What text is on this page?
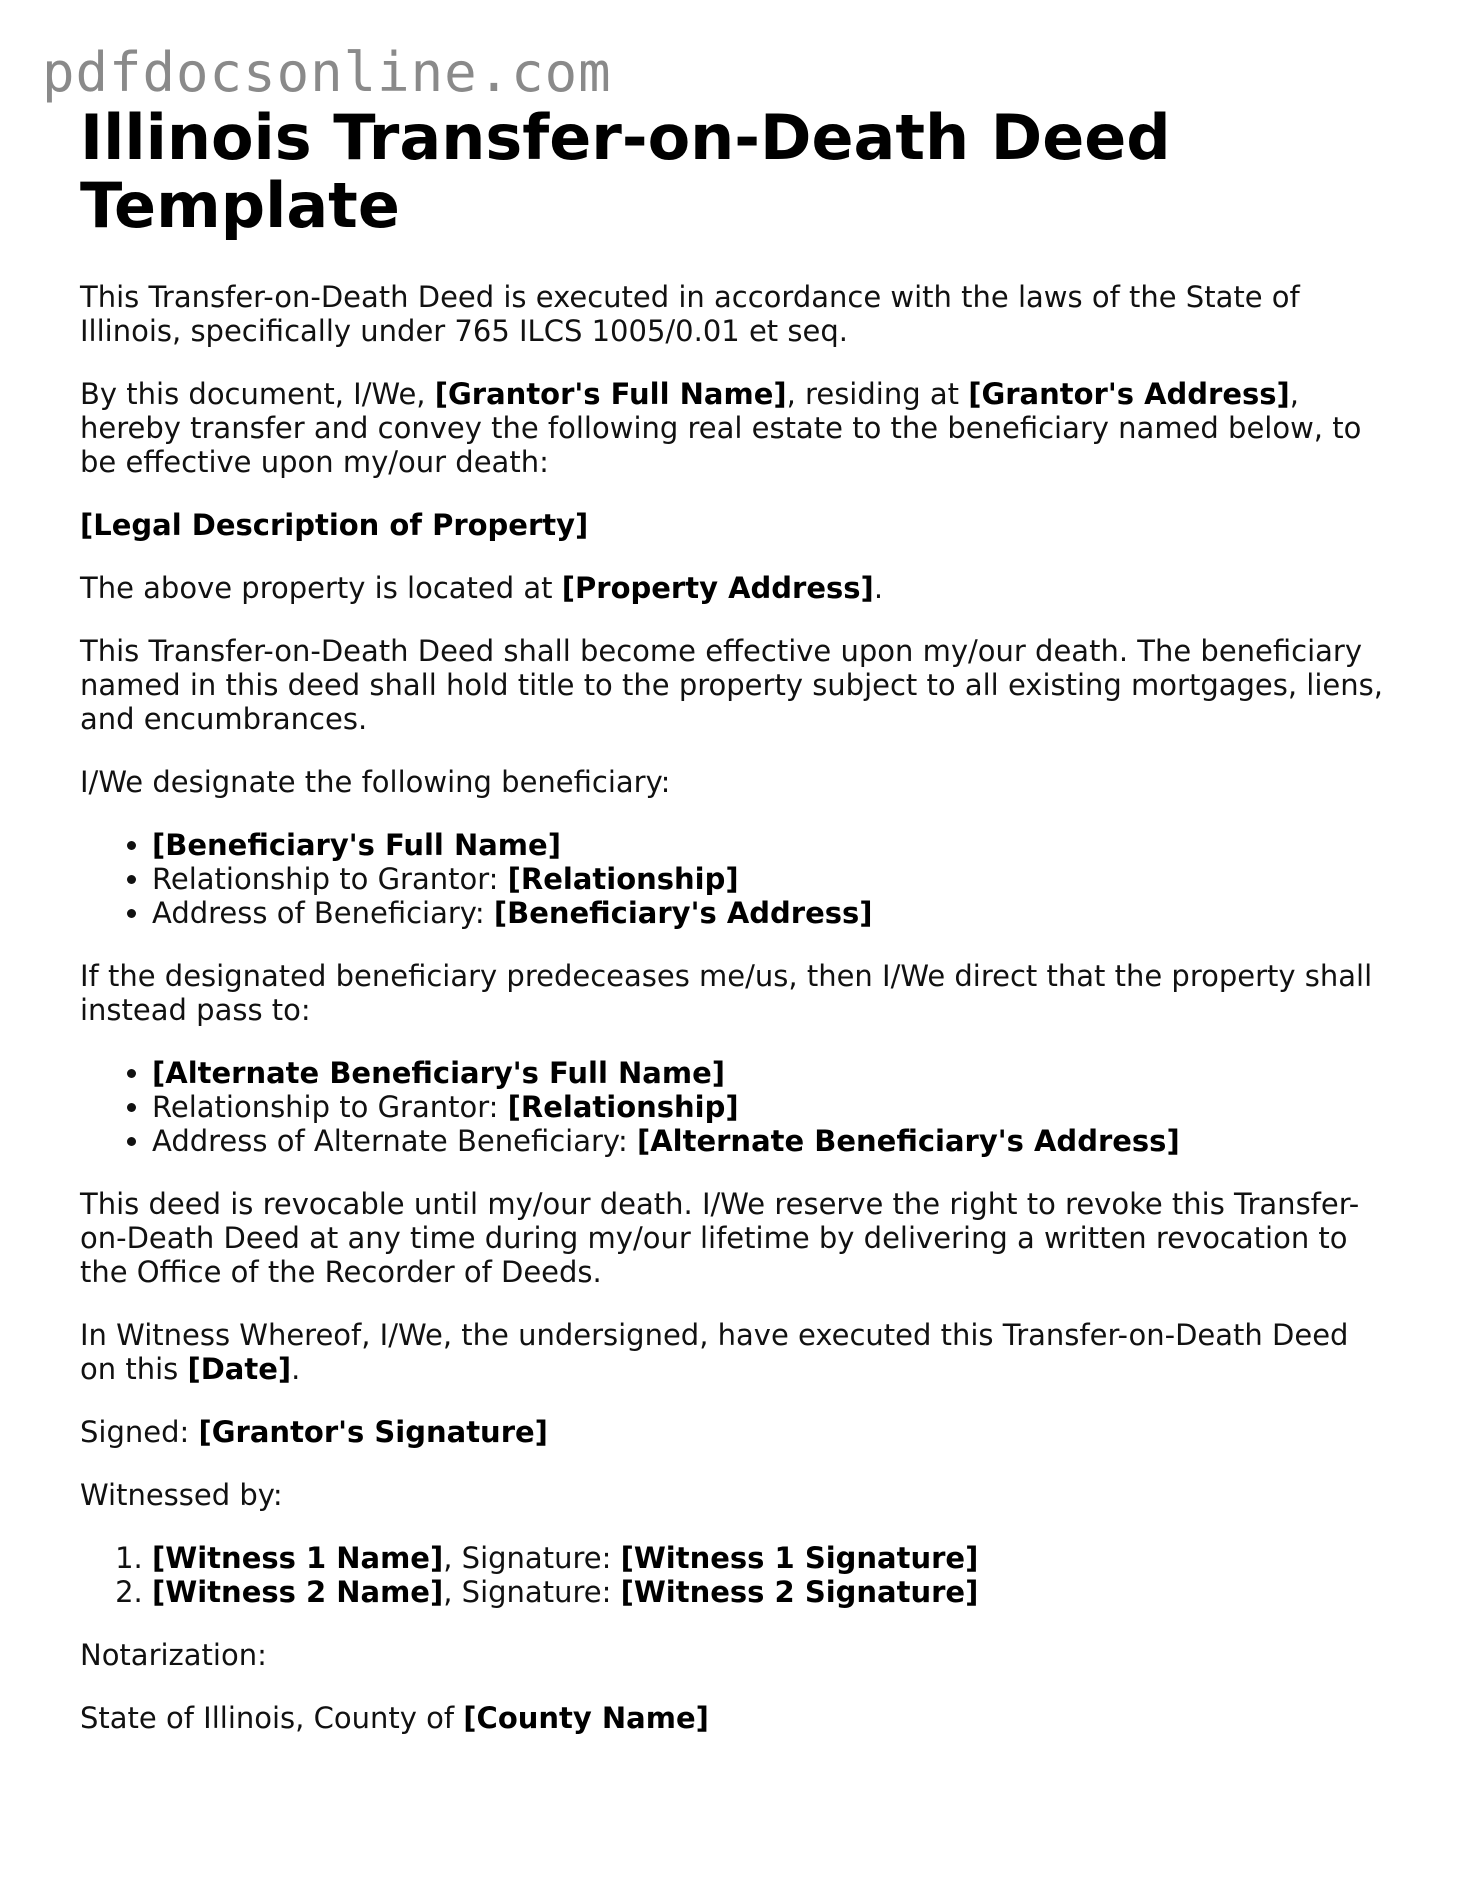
pdfdocsonline.com
Illinois Transfer-on-Death Deed Template

This Transfer-on-Death Deed is executed in accordance with the laws of the State of Illinois, specifically under 765 ILCS 1005/0.01 et seq.

By this document, I/We, [Grantor's Full Name], residing at [Grantor's Address], hereby transfer and convey the following real estate to the beneficiary named below, to be effective upon my/our death:

[Legal Description of Property]

The above property is located at [Property Address].

This Transfer-on-Death Deed shall become effective upon my/our death. The beneficiary named in this deed shall hold title to the property subject to all existing mortgages, liens, and encumbrances.

I/We designate the following beneficiary:

• [Beneficiary's Full Name]
• Relationship to Grantor: [Relationship]
• Address of Beneficiary: [Beneficiary's Address]

If the designated beneficiary predeceases me/us, then I/We direct that the property shall instead pass to:

• [Alternate Beneficiary's Full Name]
• Relationship to Grantor: [Relationship]
• Address of Alternate Beneficiary: [Alternate Beneficiary's Address]

This deed is revocable until my/our death. I/We reserve the right to revoke this Transfer-on-Death Deed at any time during my/our lifetime by delivering a written revocation to the Office of the Recorder of Deeds.

In Witness Whereof, I/We, the undersigned, have executed this Transfer-on-Death Deed on this [Date].

Signed: [Grantor's Signature]

Witnessed by:

1. [Witness 1 Name], Signature: [Witness 1 Signature]
2. [Witness 2 Name], Signature: [Witness 2 Signature]

Notarization:

State of Illinois, County of [County Name]
